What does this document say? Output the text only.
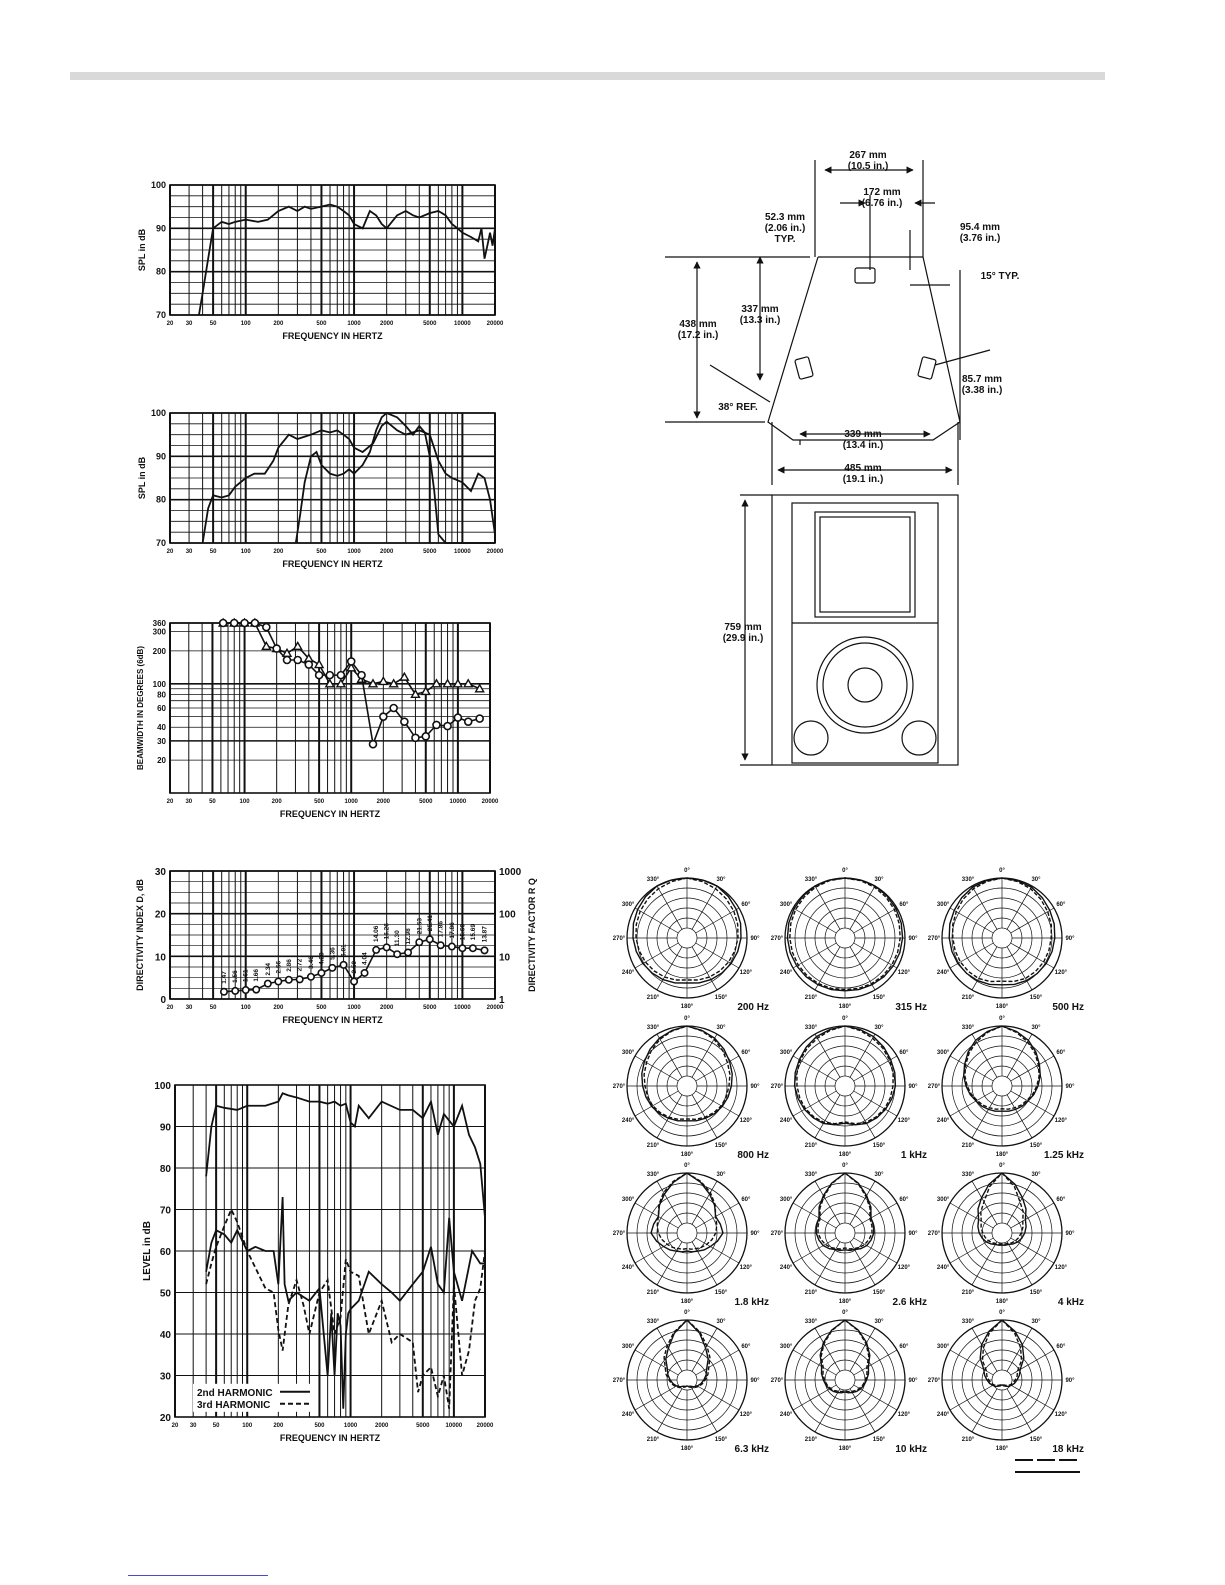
20 30	50	100	200	500	1000	2000	5000	10000	20000
FREQUENCY IN HERTZ
70
80
90
100
SPL in dB
20 30	50	100	200	500	1000	2000	5000	10000	20000
FREQUENCY IN HERTZ
70
80
90
100
SPL in dB
20 30	50	100	200	500	1000	2000	5000	10000	20000
FREQUENCY IN HERTZ
20
30
40
60
80
100
200
300
360
BEAMWIDTH IN DEGREES (6dB)
20 30	50	100	200	500	1000	2000	5000	10000	20000
FREQUENCY IN HERTZ
0
10
20
30
1
10
100
1000
DIRECTIVITY INDEX D, dB	DIRECTIVITY FACTOR R Q
1.47 1.56 1.61 1.66 2.34 2.56 2.86 2.72 3.46 4.28 5.36 6.01
2.59
4.04
14.06 16.26 11.30 12.98
21.53 25.41 17.86 17.86 15.60 15.69 13.87
20 30	50	100	200	500	1000	2000	5000	10000 20000
FREQUENCY IN HERTZ
20
30
40
50
60
70
80
90
100
LEVEL in dB
2nd HARMONIC
3rd HARMONIC
0°
30°
60°
90°
120°
150°
180°
210°
240°
270°
300°
330°
200 Hz
0°
30°
60°
90°
120°
150°
180°
210°
240°
270°
300°
330°
315 Hz
0°
30°
60°
90°
120°
150°
180°
210°
240°
270°
300°
330°
500 Hz
0°
30°
60°
90°
120°
150°
180°
210°
240°
270°
300°
330°
800 Hz
0°
30°
60°
90°
120°
150°
180°
210°
240°
270°
300°
330°
1 kHz
0°
30°
60°
90°
120°
150°
180°
210°
240°
270°
300°
330°
1.25 kHz
0°
30°
60°
90°
120°
150°
180°
210°
240°
270°
300°
330°
1.8 kHz
0°
30°
60°
90°
120°
150°
180°
210°
240°
270°
300°
330°
2.6 kHz
0°
30°
60°
90°
120°
150°
180°
210°
240°
270°
300°
330°
4 kHz
0°
30°
60°
90°
120°
150°
180°
210°
240°
270°
300°
330°
6.3 kHz
0°
30°
60°
90°
120°
150°
180°
210°
240°
270°
300°
330°
10 kHz
0°
30°
60°
90°
120°
150°
180°
210°
240°
270°
300°
330°
18 kHz
267 mm
(10.5 in.)
172 mm
(6.76 in.)
52.3 mm
(2.06 in.)
TYP.
95.4 mm
(3.76 in.)
15° TYP.
438 mm
(17.2 in.)
337 mm
(13.3 in.)
85.7 mm
(3.38 in.)
38° REF.
339 mm
(13.4 in.)
485 mm
(19.1 in.)
759 mm
(29.9 in.)
